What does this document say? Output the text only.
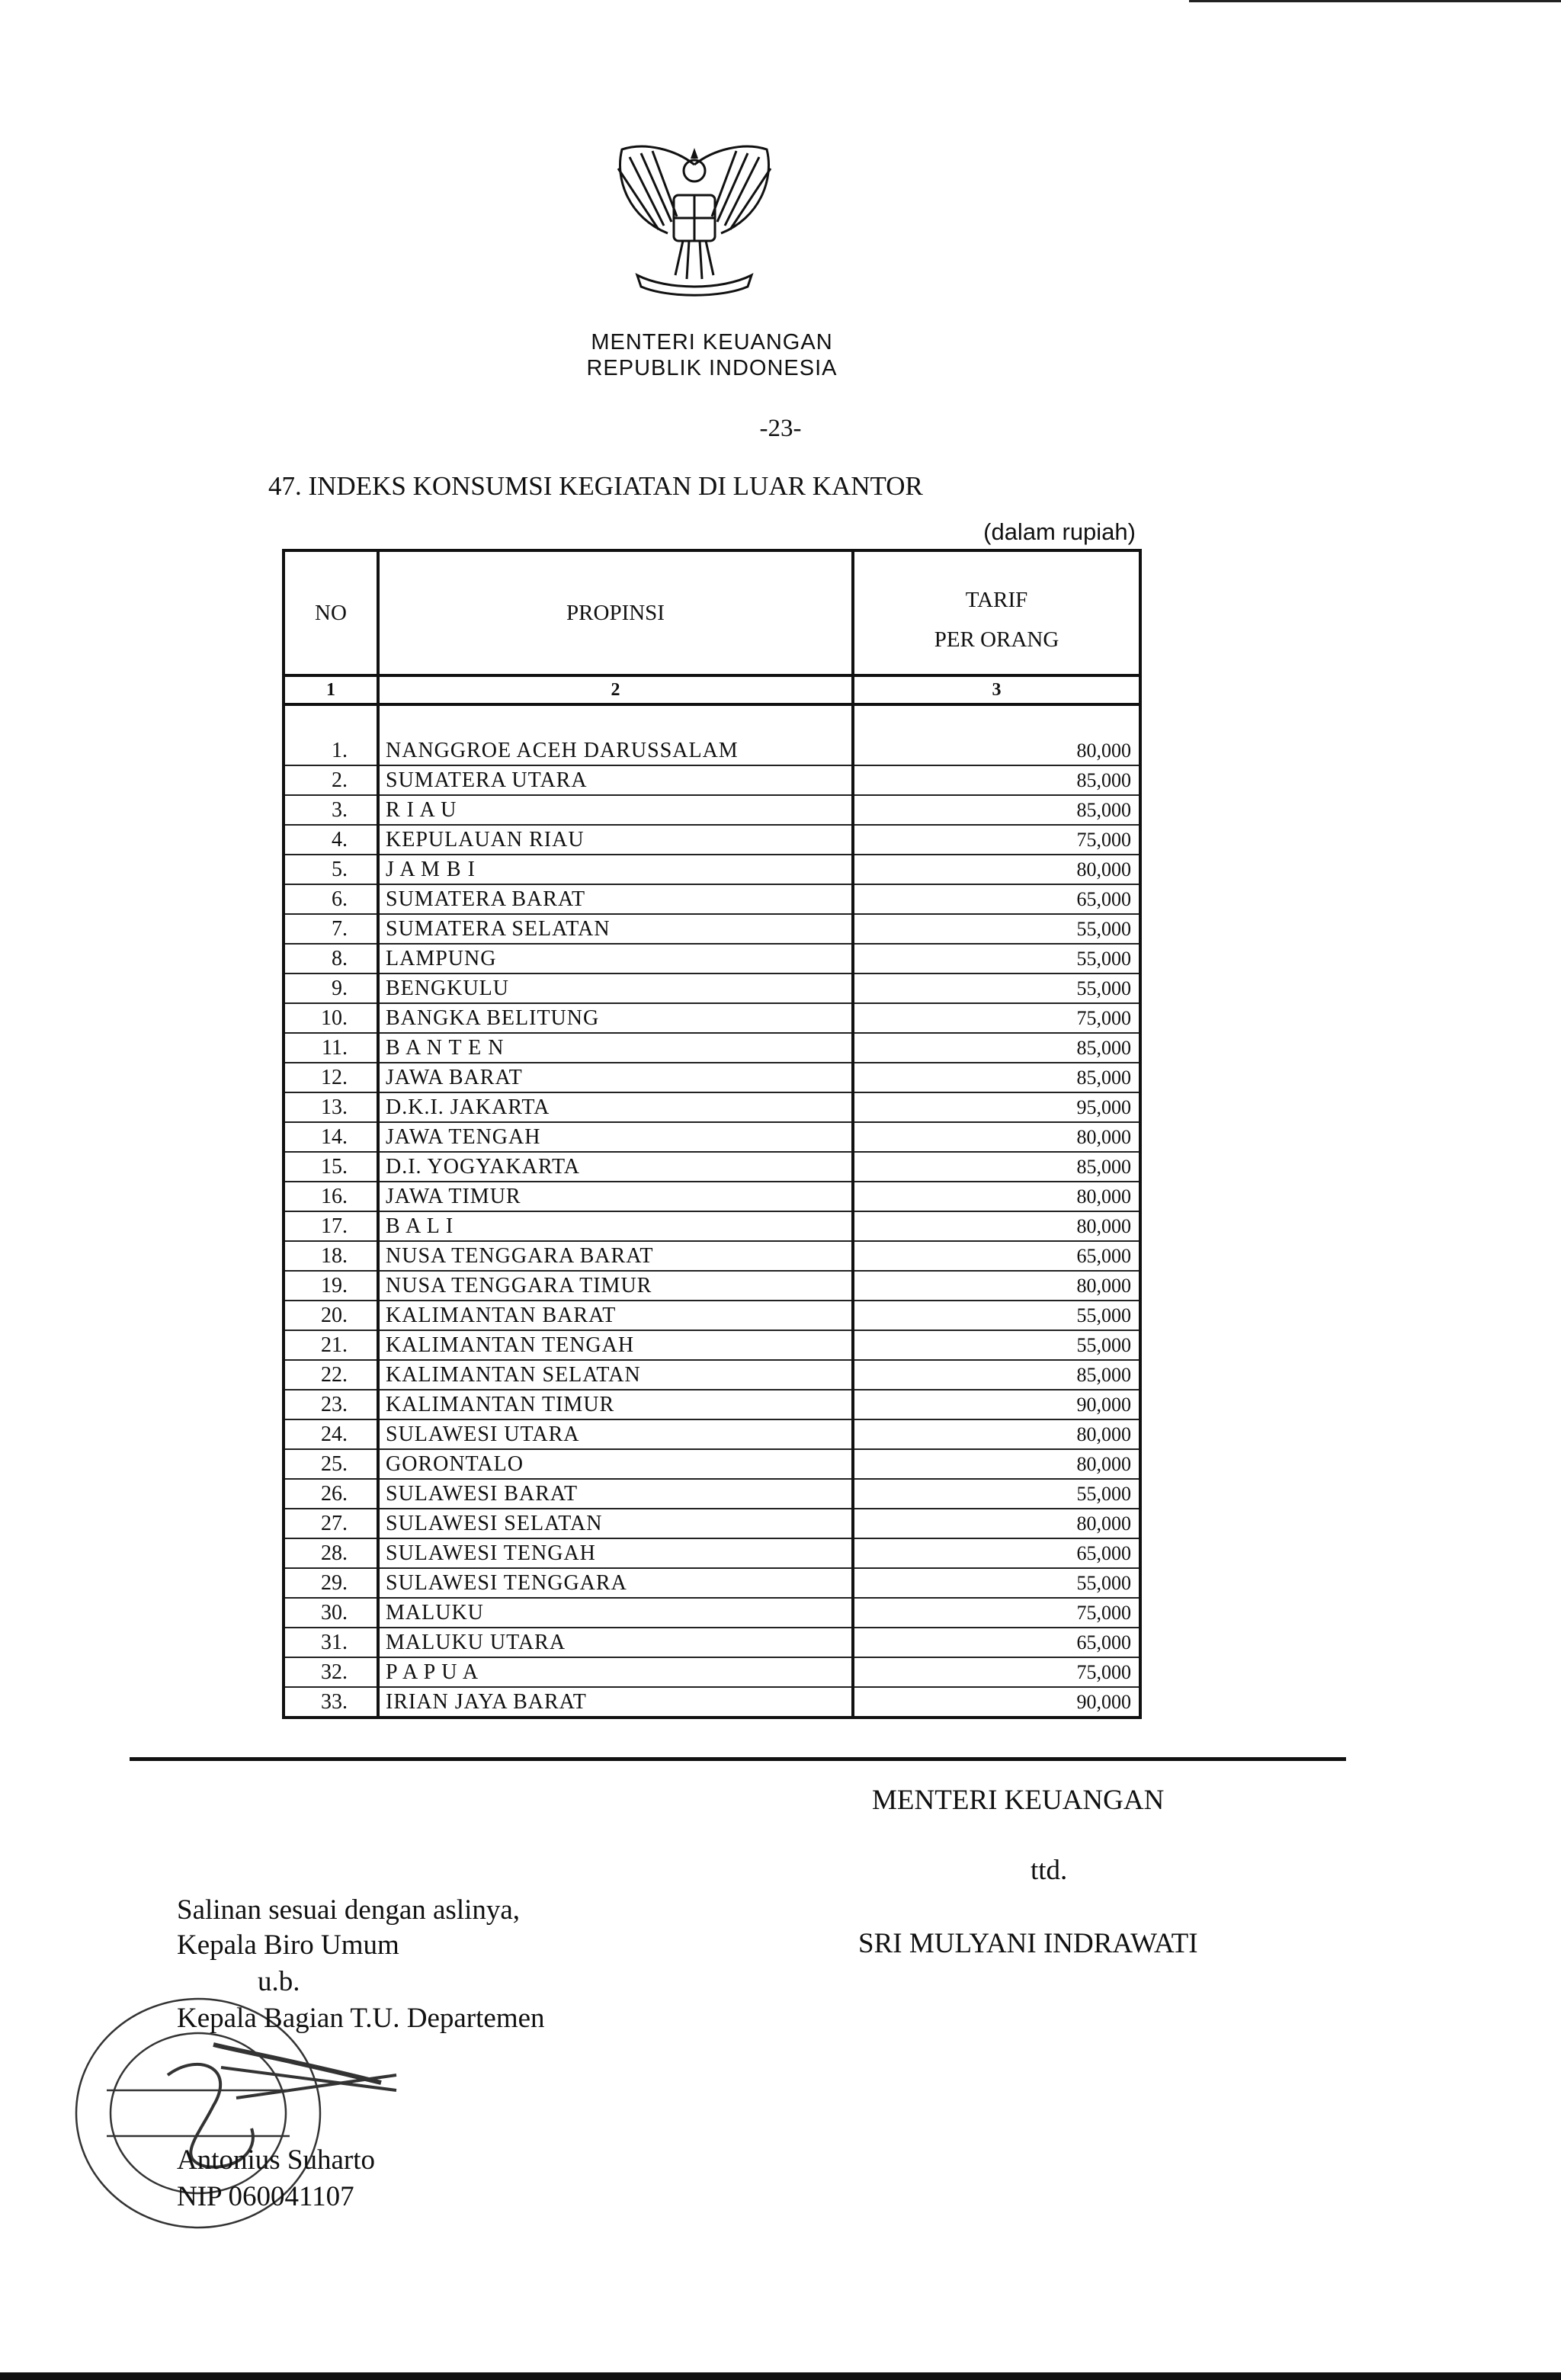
MENTERI KEUANGAN
REPUBLIK INDONESIA
-23-
47. INDEKS KONSUMSI KEGIATAN DI LUAR KANTOR
(dalam rupiah)
NO	PROPINSI	TARIF
PER ORANG

1	2	3

1.	NANGGROE ACEH DARUSSALAM	80,000
2.	SUMATERA UTARA	85,000
3.	R I A U	85,000
4.	KEPULAUAN RIAU	75,000
5.	J A M B I	80,000
6.	SUMATERA BARAT	65,000
7.	SUMATERA SELATAN	55,000
8.	LAMPUNG	55,000
9.	BENGKULU	55,000
10.	BANGKA BELITUNG	75,000
11.	B A N T E N	85,000
12.	JAWA BARAT	85,000
13.	D.K.I. JAKARTA	95,000
14.	JAWA TENGAH	80,000
15.	D.I. YOGYAKARTA	85,000
16.	JAWA TIMUR	80,000
17.	B A L I	80,000
18.	NUSA TENGGARA BARAT	65,000
19.	NUSA TENGGARA TIMUR	80,000
20.	KALIMANTAN BARAT	55,000
21.	KALIMANTAN TENGAH	55,000
22.	KALIMANTAN SELATAN	85,000
23.	KALIMANTAN TIMUR	90,000
24.	SULAWESI UTARA	80,000
25.	GORONTALO	80,000
26.	SULAWESI BARAT	55,000
27.	SULAWESI SELATAN	80,000
28.	SULAWESI TENGAH	65,000
29.	SULAWESI TENGGARA	55,000
30.	MALUKU	75,000
31.	MALUKU UTARA	65,000
32.	P A P U A	75,000
33.	IRIAN JAYA BARAT	90,000
MENTERI KEUANGAN
ttd.
SRI MULYANI INDRAWATI
Salinan sesuai dengan aslinya,
Kepala Biro Umum
u.b.
Kepala Bagian T.U. Departemen
Antonius Suharto
NIP 060041107
